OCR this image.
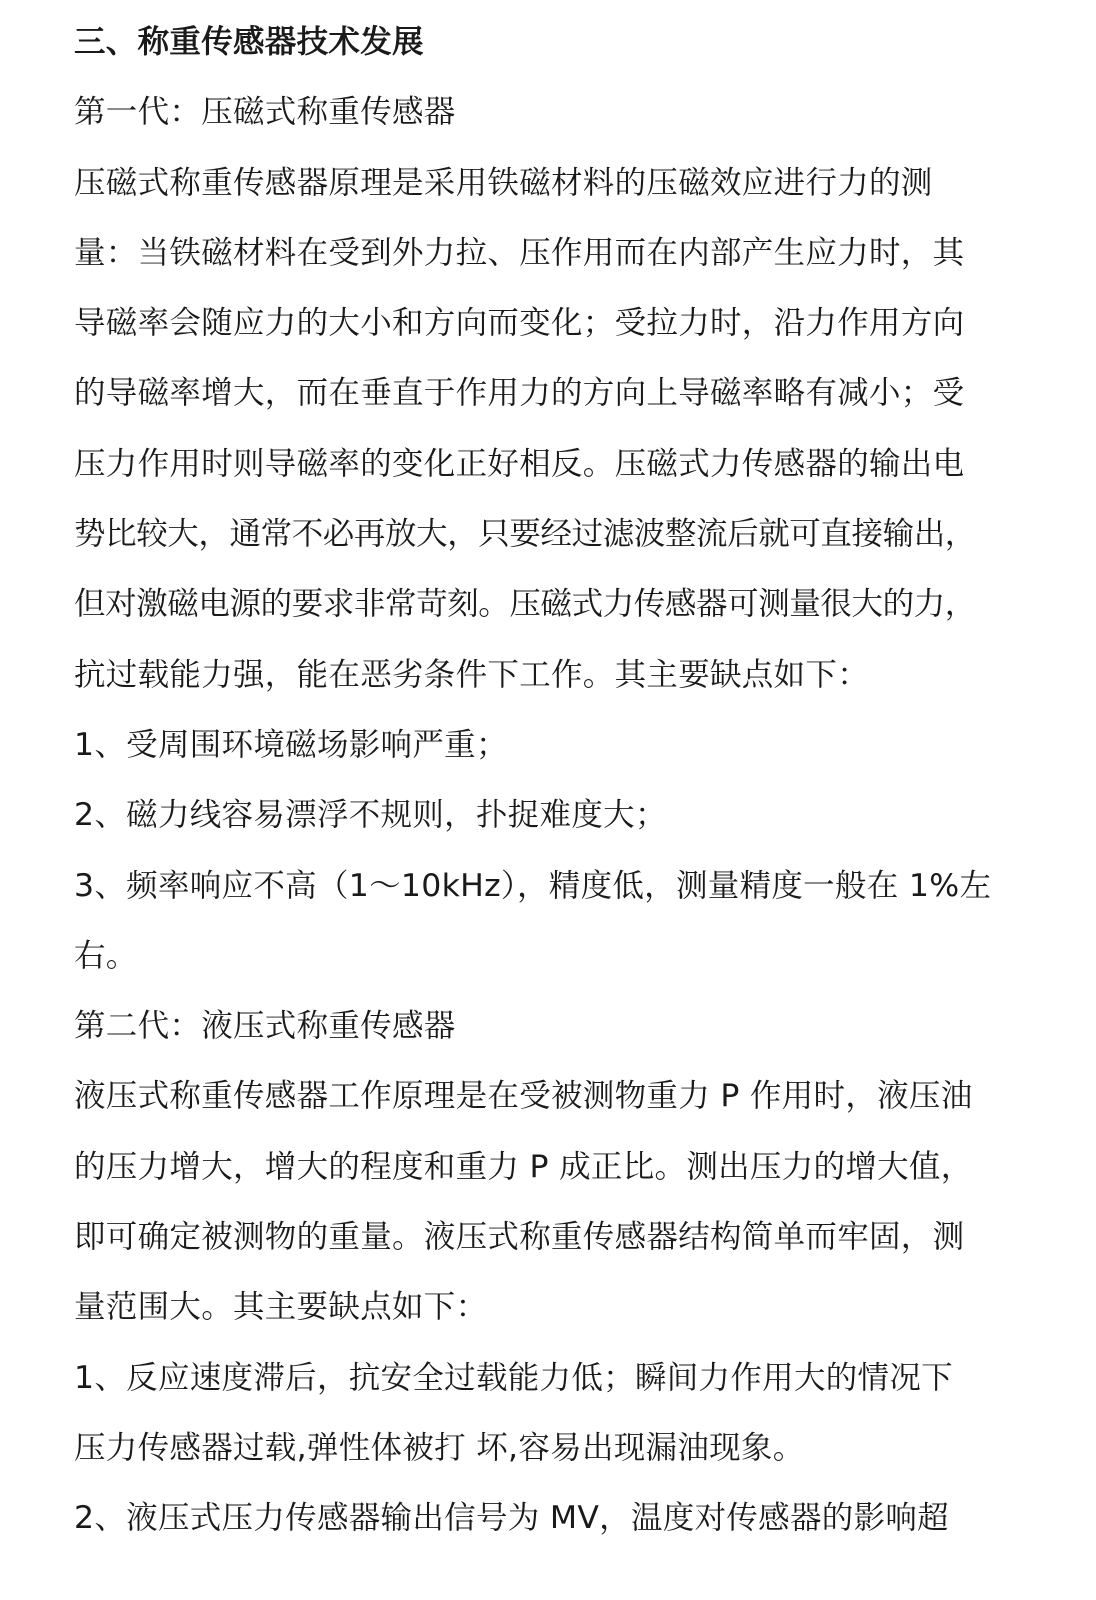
三、称重传感器技术发展
第一代：压磁式称重传感器
压磁式称重传感器原理是采用铁磁材料的压磁效应进行力的测
量：当铁磁材料在受到外力拉、压作用而在内部产生应力时，其
导磁率会随应力的大小和方向而变化；受拉力时，沿力作用方向
的导磁率增大，而在垂直于作用力的方向上导磁率略有减小；受
压力作用时则导磁率的变化正好相反。压磁式力传感器的输出电
势比较大，通常不必再放大，只要经过滤波整流后就可直接输出，
但对激磁电源的要求非常苛刻。压磁式力传感器可测量很大的力，
抗过载能力强，能在恶劣条件下工作。其主要缺点如下：
1、受周围环境磁场影响严重；
2、磁力线容易漂浮不规则，扑捉难度大；
3、频率响应不高（1～10kHz），精度低，测量精度一般在 1%左
右。
第二代：液压式称重传感器
液压式称重传感器工作原理是在受被测物重力 P 作用时，液压油
的压力增大，增大的程度和重力 P 成正比。测出压力的增大值，
即可确定被测物的重量。液压式称重传感器结构简单而牢固，测
量范围大。其主要缺点如下：
1、反应速度滞后，抗安全过载能力低；瞬间力作用大的情况下
压力传感器过载,弹性体被打 坏,容易出现漏油现象。
2、液压式压力传感器输出信号为 MV，温度对传感器的影响超
